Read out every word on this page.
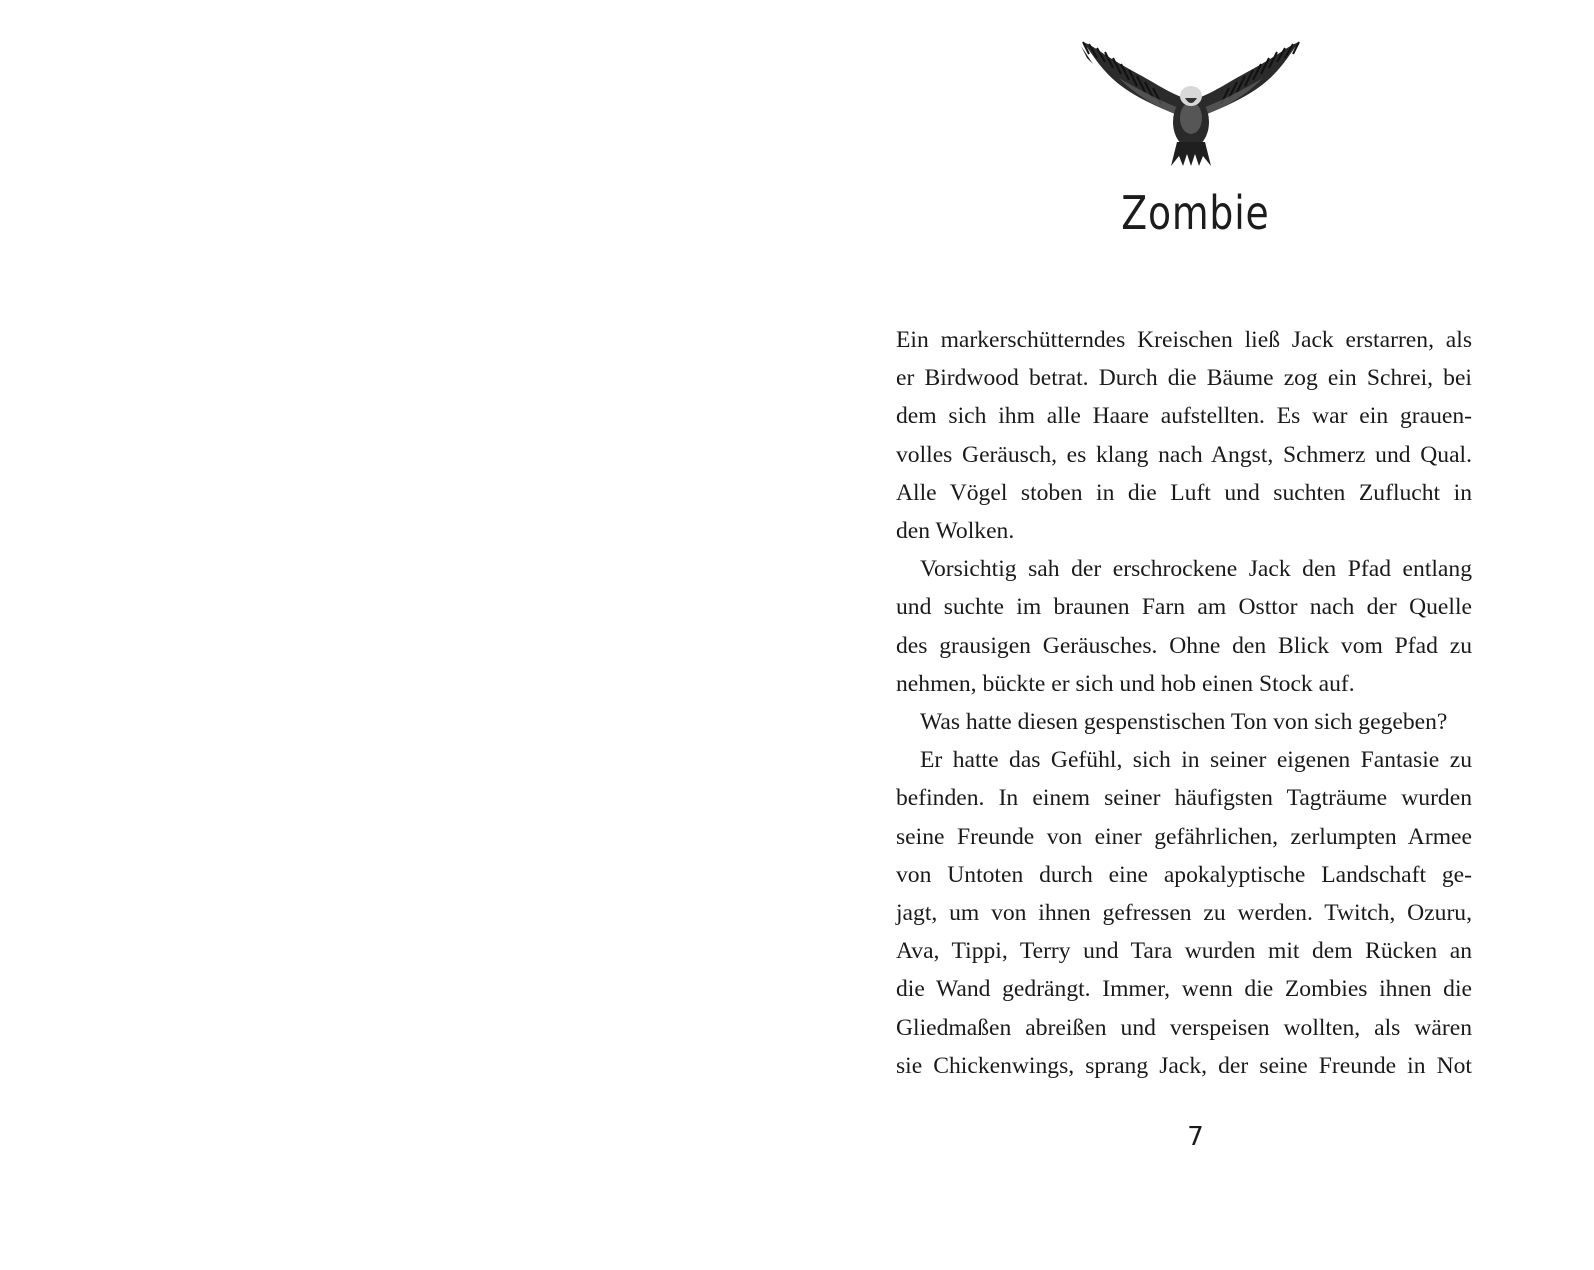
Zombie

Ein markerschütterndes Kreischen ließ Jack erstarren, als
er Birdwood betrat. Durch die Bäume zog ein Schrei, bei
dem sich ihm alle Haare aufstellten. Es war ein grauen-
volles Geräusch, es klang nach Angst, Schmerz und Qual.
Alle Vögel stoben in die Luft und suchten Zuflucht in
den Wolken.

Vorsichtig sah der erschrockene Jack den Pfad entlang
und suchte im braunen Farn am Osttor nach der Quelle
des grausigen Geräusches. Ohne den Blick vom Pfad zu
nehmen, bückte er sich und hob einen Stock auf.

Was hatte diesen gespenstischen Ton von sich gegeben?

Er hatte das Gefühl, sich in seiner eigenen Fantasie zu
befinden. In einem seiner häufigsten Tagträume wurden
seine Freunde von einer gefährlichen, zerlumpten Armee
von Untoten durch eine apokalyptische Landschaft ge-
jagt, um von ihnen gefressen zu werden. Twitch, Ozuru,
Ava, Tippi, Terry und Tara wurden mit dem Rücken an
die Wand gedrängt. Immer, wenn die Zombies ihnen die
Gliedmaßen abreißen und verspeisen wollten, als wären
sie Chickenwings, sprang Jack, der seine Freunde in Not

7
